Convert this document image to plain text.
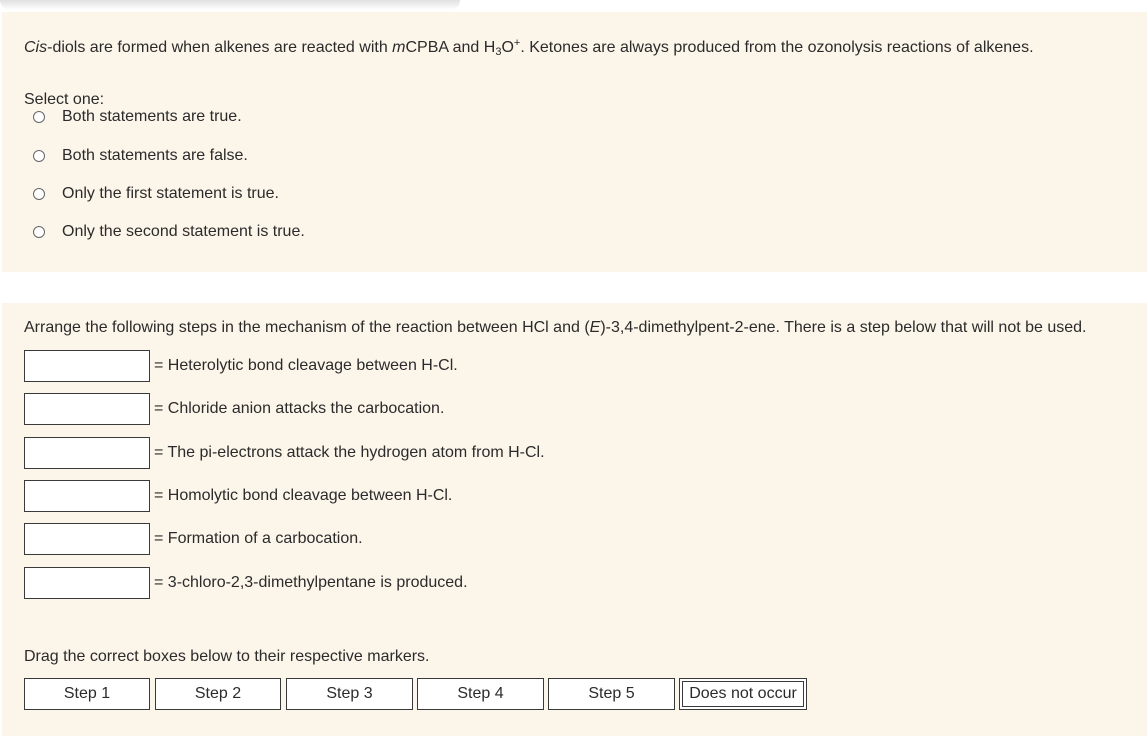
Cis-diols are formed when alkenes are reacted with mCPBA and $H_3O^+$. Ketones are always produced from the ozonolysis reactions of alkenes.
Select one:
Both statements are true.
Both statements are false.
Only the first statement is true.
Only the second statement is true.
Arrange the following steps in the mechanism of the reaction between HCl and (E)-3,4-dimethylpent-2-ene. There is a step below that will not be used.
= Heterolytic bond cleavage between H-Cl.
= Chloride anion attacks the carbocation.
= The pi-electrons attack the hydrogen atom from H-Cl.
= Homolytic bond cleavage between H-Cl.
= Formation of a carbocation.
= 3-chloro-2,3-dimethylpentane is produced.
Drag the correct boxes below to their respective markers.
Step 1	Step 2	Step 3	Step 4	Step 5	Does not occur
